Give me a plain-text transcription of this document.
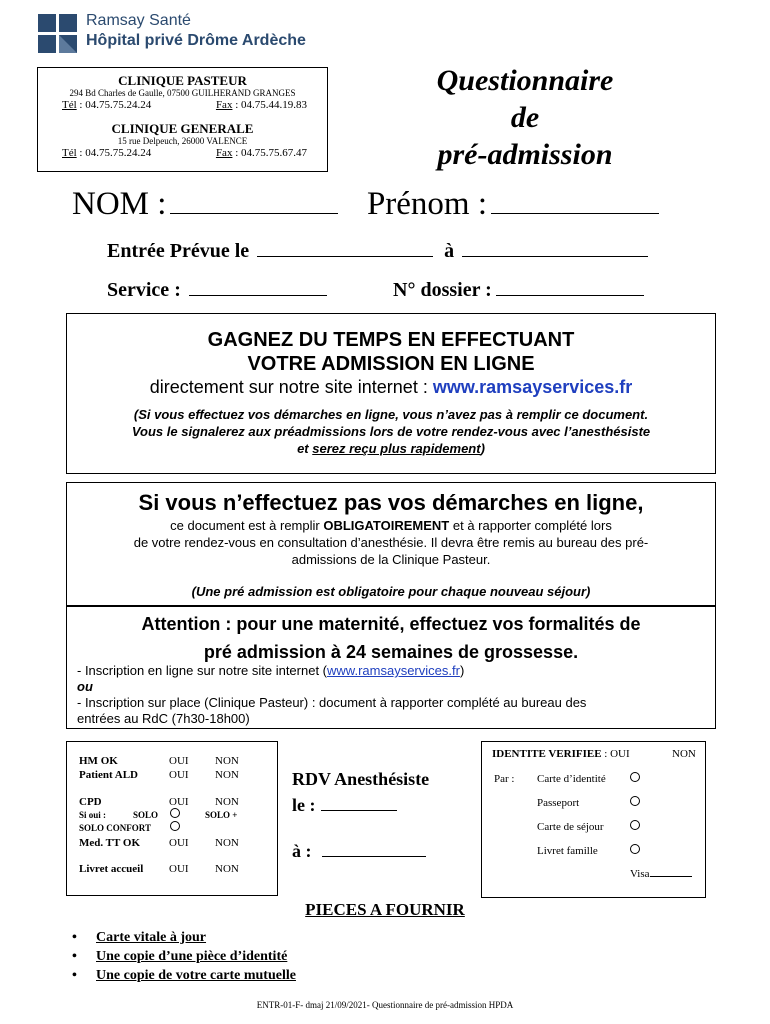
Ramsay Santé
Hôpital privé Drôme Ardèche
CLINIQUE PASTEUR
294 Bd Charles de Gaulle, 07500 GUILHERAND GRANGES
Tél : 04.75.75.24.24	Fax : 04.75.44.19.83
CLINIQUE GENERALE
15 rue Delpeuch, 26000 VALENCE
Tél : 04.75.75.24.24	Fax : 04.75.75.67.47
Questionnaire
de
pré-admission
NOM :	Prénom :
Entrée Prévue le	à
Service :	N° dossier :
GAGNEZ DU TEMPS EN EFFECTUANT
VOTRE ADMISSION EN LIGNE
directement sur notre site internet : www.ramsayservices.fr
(Si vous effectuez vos démarches en ligne, vous n’avez pas à remplir ce document.
Vous le signalerez aux préadmissions lors de votre rendez-vous avec l’anesthésiste
et serez reçu plus rapidement)
Si vous n’effectuez pas vos démarches en ligne,
ce document est à remplir OBLIGATOIREMENT et à rapporter complété lors
de votre rendez-vous en consultation d’anesthésie. Il devra être remis au bureau des pré-
admissions de la Clinique Pasteur.
(Une pré admission est obligatoire pour chaque nouveau séjour)
Attention : pour une maternité, effectuez vos formalités de
pré admission à 24 semaines de grossesse.
- Inscription en ligne sur notre site internet (www.ramsayservices.fr)
ou
- Inscription sur place (Clinique Pasteur) : document à rapporter complété au bureau des
entrées au RdC (7h30-18h00)
HM OK	OUI NON
Patient ALD	OUI NON
CPD	OUI NON
Si oui :	SOLO	SOLO +
SOLO CONFORT
Med. TT OK	OUI NON
Livret accueil OUI NON
RDV Anesthésiste
le :
à :
IDENTITE VERIFIEE : OUI	NON
Par : Carte d’identité
Passeport
Carte de séjour
Livret famille
Visa
PIECES A FOURNIR
• Carte vitale à jour
• Une copie d’une pièce d’identité
• Une copie de votre carte mutuelle
ENTR-01-F- dmaj 21/09/2021- Questionnaire de pré-admission HPDA
